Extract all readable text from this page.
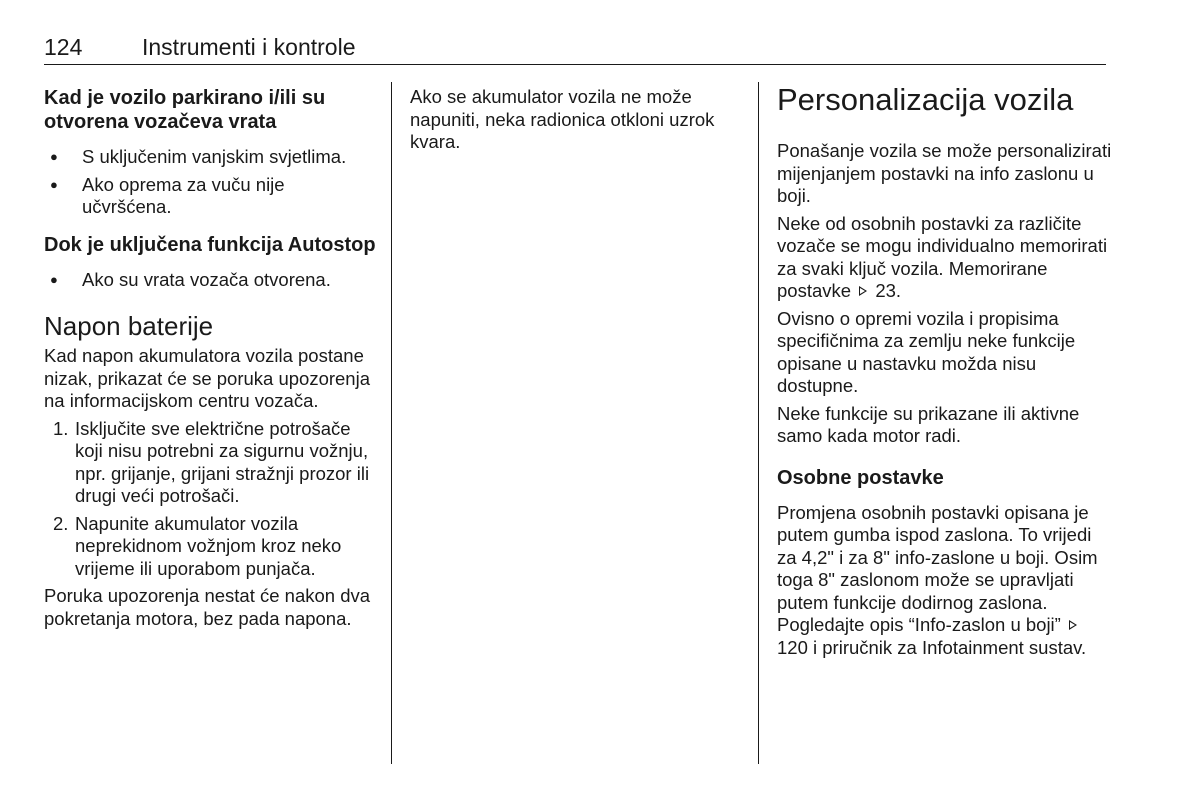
124	Instrumenti i kontrole
Kad je vozilo parkirano i/ili su otvorena vozačeva vrata
● S uključenim vanjskim svjetlima.
● Ako oprema za vuču nije učvršćena.
Dok je uključena funkcija Autostop
● Ako su vrata vozača otvorena.
Napon baterije

Kad napon akumulatora vozila postane nizak, prikazat će se poruka upozorenja na informacijskom centru vozača.

1. Isključite sve električne potrošače koji nisu potrebni za sigurnu vožnju, npr. grijanje, grijani stražnji prozor ili drugi veći potrošači.
2. Napunite akumulator vozila neprekidnom vožnjom kroz neko vrijeme ili uporabom punjača.

Poruka upozorenja nestat će nakon dva pokretanja motora, bez pada napona.

Ako se akumulator vozila ne može napuniti, neka radionica otkloni uzrok kvara.

Personalizacija vozila

Ponašanje vozila se može personalizirati mijenjanjem postavki na info zaslonu u boji.

Neke od osobnih postavki za različite vozače se mogu individualno memorirati za svaki ključ vozila. Memorirane postavke 23.

Ovisno o opremi vozila i propisima specifičnima za zemlju neke funkcije opisane u nastavku možda nisu dostupne.

Neke funkcije su prikazane ili aktivne samo kada motor radi.

Osobne postavke

Promjena osobnih postavki opisana je putem gumba ispod zaslona. To vrijedi za 4,2" i za 8" info-zaslone u boji. Osim toga 8" zaslonom može se upravljati putem funkcije dodirnog zaslona. Pogledajte opis “Info-zaslon u boji”  120 i priručnik za Infotainment sustav.
